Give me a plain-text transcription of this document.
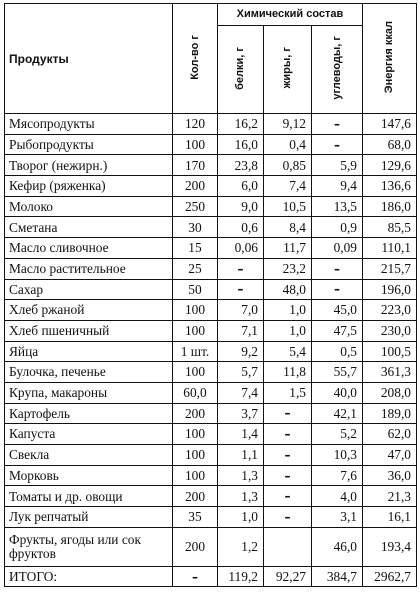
Продукты	Кол-во г	Химический состав			Энергия ккал
		белки, г	жиры, г	углеводы, г	
Мясопродукты	120	16,2	9,12	–	147,6
Рыбопродукты	100	16,0	0,4	–	68,0
Творог (нежирн.)	170	23,8	0,85	5,9	129,6
Кефир (ряженка)	200	6,0	7,4	9,4	136,6
Молоко	250	9,0	10,5	13,5	186,0
Сметана	30	0,6	8,4	0,9	85,5
Масло сливочное	15	0,06	11,7	0,09	110,1
Масло растительное	25	–	23,2	–	215,7
Сахар	50	–	48,0	–	196,0
Хлеб ржаной	100	7,0	1,0	45,0	223,0
Хлеб пшеничный	100	7,1	1,0	47,5	230,0
Яйца	1 шт.	9,2	5,4	0,5	100,5
Булочка, печенье	100	5,7	11,8	55,7	361,3
Крупа, макароны	60,0	7,4	1,5	40,0	208,0
Картофель	200	3,7	–	42,1	189,0
Капуста	100	1,4	–	5,2	62,0
Свекла	100	1,1	–	10,3	47,0
Морковь	100	1,3	–	7,6	36,0
Томаты и др. овощи	200	1,3	–	4,0	21,3
Лук репчатый	35	1,0	–	3,1	16,1
Фрукты, ягоды или сок фруктов	200	1,2		46,0	193,4
ИТОГО:	–	119,2	92,27	384,7	2962,7
